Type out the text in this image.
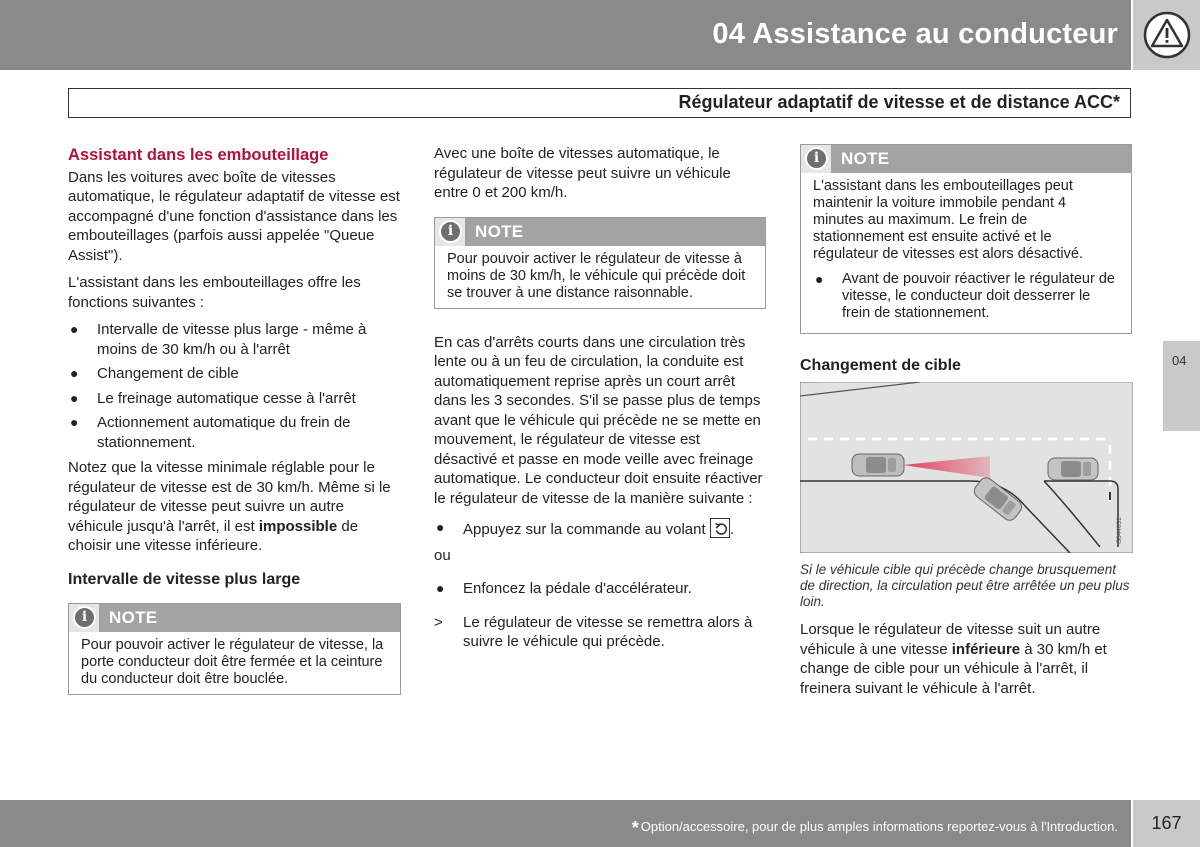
04 Assistance au conducteur
Régulateur adaptatif de vitesse et de distance ACC*
04
Assistant dans les embouteillage

Dans les voitures avec boîte de vitesses automatique, le régulateur adaptatif de vitesse est accompagné d'une fonction d'assistance dans les embouteillages (parfois aussi appelée "Queue Assist").

L'assistant dans les embouteillages offre les fonctions suivantes :

● Intervalle de vitesse plus large - même à moins de 30 km/h ou à l'arrêt
● Changement de cible
● Le freinage automatique cesse à l'arrêt
● Actionnement automatique du frein de stationnement.

Notez que la vitesse minimale réglable pour le régulateur de vitesse est de 30 km/h. Même si le régulateur de vitesse peut suivre un autre véhicule jusqu'à l'arrêt, il est impossible de choisir une vitesse inférieure.

Intervalle de vitesse plus large
i	NOTE
Pour pouvoir activer le régulateur de vitesse, la porte conducteur doit être fermée et la ceinture du conducteur doit être bouclée.

Avec une boîte de vitesses automatique, le régulateur de vitesse peut suivre un véhicule entre 0 et 200 km/h.

i	NOTE
Pour pouvoir activer le régulateur de vitesse à moins de 30 km/h, le véhicule qui précède doit se trouver à une distance raisonnable.

En cas d'arrêts courts dans une circulation très lente ou à un feu de circulation, la conduite est automatiquement reprise après un court arrêt dans les 3 secondes. S'il se passe plus de temps avant que le véhicule qui précède ne se mette en mouvement, le régulateur de vitesse est désactivé et passe en mode veille avec freinage automatique. Le conducteur doit ensuite réactiver le régulateur de vitesse de la manière suivante :

● Appuyez sur la commande au volant .

ou

● Enfoncez la pédale d'accélérateur.
> Le régulateur de vitesse se remettra alors à suivre le véhicule qui précède.
i	NOTE
L'assistant dans les embouteillages peut maintenir la voiture immobile pendant 4 minutes au maximum. Le frein de stationnement est ensuite activé et le régulateur de vitesses est alors désactivé.
● Avant de pouvoir réactiver le régulateur de vitesse, le conducteur doit desserrer le frein de stationnement.
Changement de cible
G044031
Si le véhicule cible qui précède change brusquement de direction, la circulation peut être arrêtée un peu plus loin.

Lorsque le régulateur de vitesse suit un autre véhicule à une vitesse inférieure à 30 km/h et change de cible pour un véhicule à l'arrêt, il freinera suivant le véhicule à l'arrêt.

* Option/accessoire, pour de plus amples informations reportez-vous à l'Introduction.	167
